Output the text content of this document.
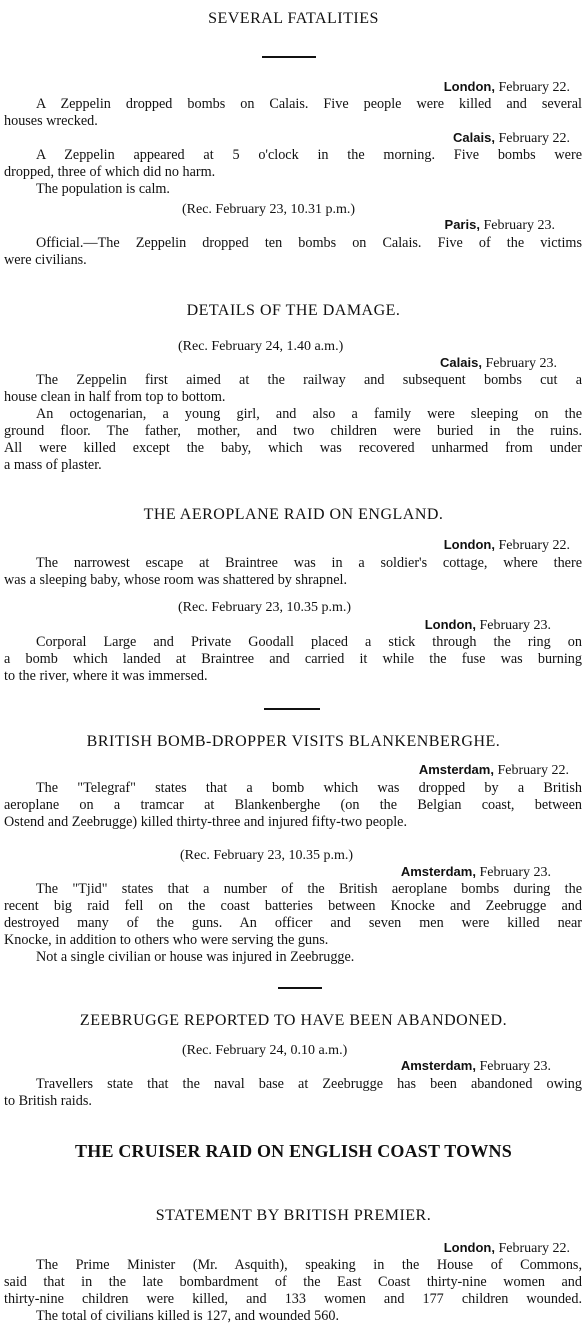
SEVERAL FATALITIES
London, February 22.
A Zeppelin dropped bombs on Calais. Five people were killed and several
houses wrecked.
Calais, February 22.
A Zeppelin appeared at 5 o'clock in the morning. Five bombs were
dropped, three of which did no harm.
The population is calm.
(Rec. February 23, 10.31 p.m.)
Paris, February 23.
Official.—The Zeppelin dropped ten bombs on Calais. Five of the victims
were civilians.
DETAILS OF THE DAMAGE.
(Rec. February 24, 1.40 a.m.)
Calais, February 23.
The Zeppelin first aimed at the railway and subsequent bombs cut a
house clean in half from top to bottom.
An octogenarian, a young girl, and also a family were sleeping on the
ground floor. The father, mother, and two children were buried in the ruins.
All were killed except the baby, which was recovered unharmed from under
a mass of plaster.
THE AEROPLANE RAID ON ENGLAND.
London, February 22.
The narrowest escape at Braintree was in a soldier's cottage, where there
was a sleeping baby, whose room was shattered by shrapnel.
(Rec. February 23, 10.35 p.m.)
London, February 23.
Corporal Large and Private Goodall placed a stick through the ring on
a bomb which landed at Braintree and carried it while the fuse was burning
to the river, where it was immersed.
BRITISH BOMB-DROPPER VISITS BLANKENBERGHE.
Amsterdam, February 22.
The "Telegraf" states that a bomb which was dropped by a British
aeroplane on a tramcar at Blankenberghe (on the Belgian coast, between
Ostend and Zeebrugge) killed thirty-three and injured fifty-two people.
(Rec. February 23, 10.35 p.m.)
Amsterdam, February 23.
The "Tjid" states that a number of the British aeroplane bombs during the
recent big raid fell on the coast batteries between Knocke and Zeebrugge and
destroyed many of the guns. An officer and seven men were killed near
Knocke, in addition to others who were serving the guns.
Not a single civilian or house was injured in Zeebrugge.
ZEEBRUGGE REPORTED TO HAVE BEEN ABANDONED.
(Rec. February 24, 0.10 a.m.)
Amsterdam, February 23.
Travellers state that the naval base at Zeebrugge has been abandoned owing
to British raids.
THE CRUISER RAID ON ENGLISH COAST TOWNS
STATEMENT BY BRITISH PREMIER.
London, February 22.
The Prime Minister (Mr. Asquith), speaking in the House of Commons,
said that in the late bombardment of the East Coast thirty-nine women and
thirty-nine children were killed, and 133 women and 177 children wounded.
The total of civilians killed is 127, and wounded 560.
